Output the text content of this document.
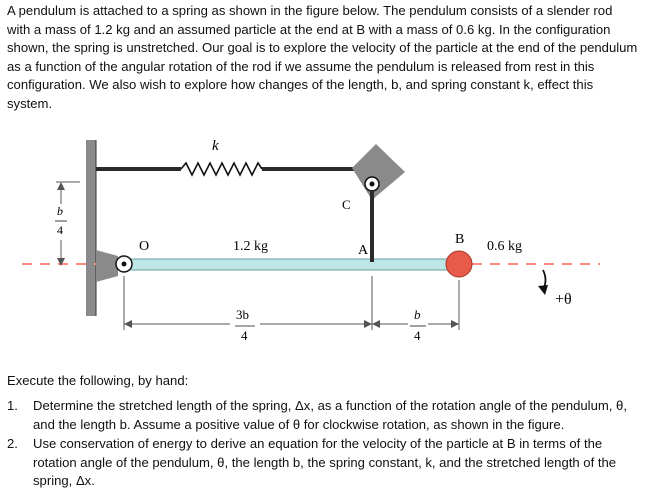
A pendulum is attached to a spring as shown in the figure below. The pendulum consists of a slender rod with a mass of 1.2 kg and an assumed particle at the end at B with a mass of 0.6 kg. In the configuration shown, the spring is unstretched. Our goal is to explore the velocity of the particle at the end of the pendulum as a function of the angular rotation of the rod if we assume the pendulum is released from rest in this configuration. We also wish to explore how changes of the length, b, and spring constant k, effect this system.

k
C
O	1.2 kg	A
B 0.6 kg
+θ
b
4
3b
4
b
4

Execute the following, by hand:

1. Determine the stretched length of the spring, Δx, as a function of the rotation angle of the pendulum, θ, and the length b. Assume a positive value of θ for clockwise rotation, as shown in the figure.
2. Use conservation of energy to derive an equation for the velocity of the particle at B in terms of the rotation angle of the pendulum, θ, the length b, the spring constant, k, and the stretched length of the spring, Δx.
